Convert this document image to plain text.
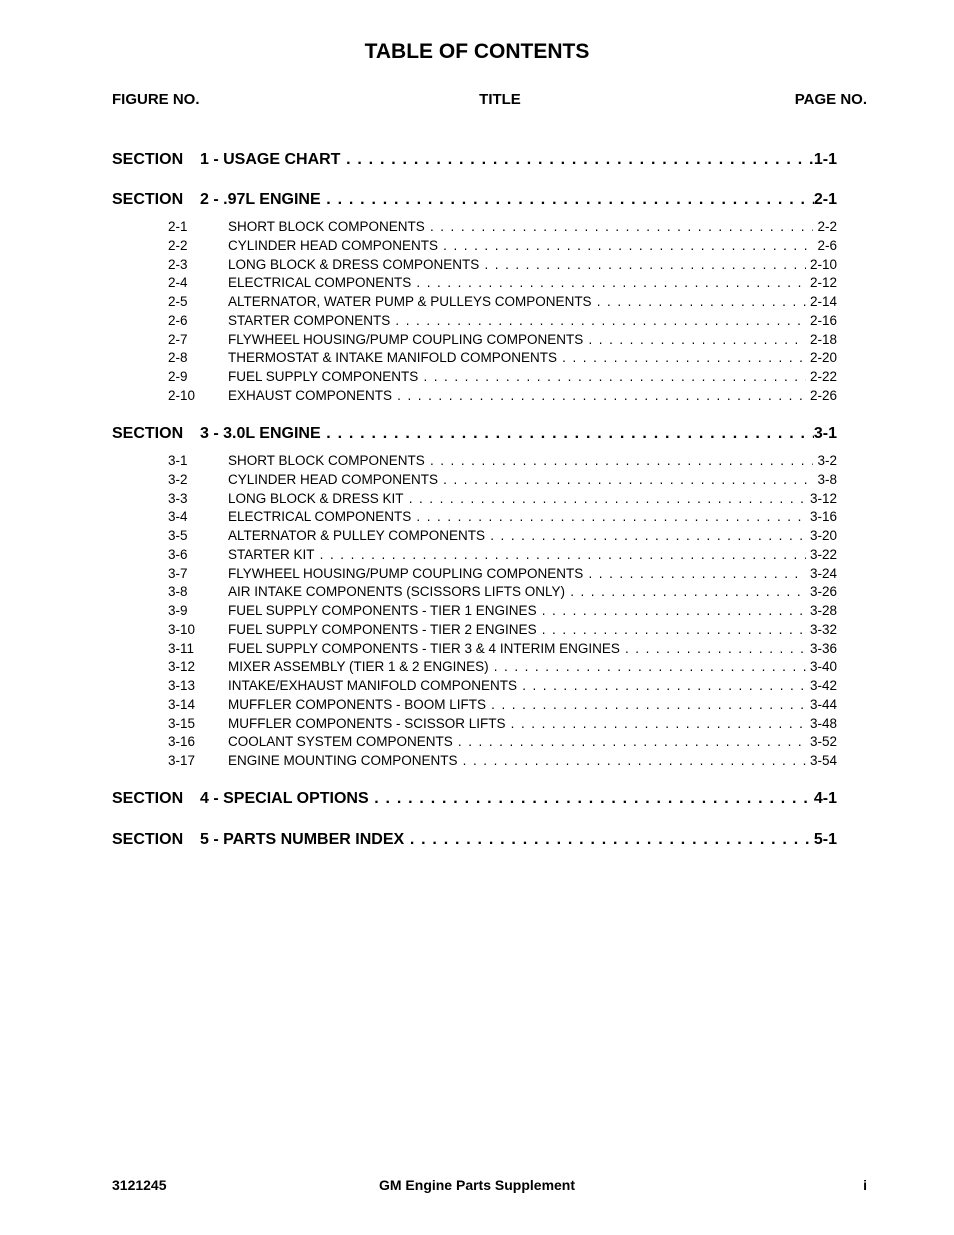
TABLE OF CONTENTS
FIGURE NO.	TITLE	PAGE NO.
SECTION	1 - USAGE CHART . . .	1-1
SECTION	2 - .97L ENGINE . . .	2-1
2-1	SHORT BLOCK COMPONENTS . . .	2-2
2-2	CYLINDER HEAD COMPONENTS . . .	2-6
2-3	LONG BLOCK & DRESS COMPONENTS . . .	2-10
2-4	ELECTRICAL COMPONENTS . . .	2-12
2-5	ALTERNATOR, WATER PUMP & PULLEYS COMPONENTS . . .	2-14
2-6	STARTER COMPONENTS . . .	2-16
2-7	FLYWHEEL HOUSING/PUMP COUPLING COMPONENTS . . .	2-18
2-8	THERMOSTAT & INTAKE MANIFOLD COMPONENTS . . .	2-20
2-9	FUEL SUPPLY COMPONENTS . . .	2-22
2-10	EXHAUST COMPONENTS . . .	2-26
SECTION	3 - 3.0L ENGINE . . .	3-1
3-1	SHORT BLOCK COMPONENTS . . .	3-2
3-2	CYLINDER HEAD COMPONENTS . . .	3-8
3-3	LONG BLOCK & DRESS KIT . . .	3-12
3-4	ELECTRICAL COMPONENTS . . .	3-16
3-5	ALTERNATOR & PULLEY COMPONENTS . . .	3-20
3-6	STARTER KIT . . .	3-22
3-7	FLYWHEEL HOUSING/PUMP COUPLING COMPONENTS . . .	3-24
3-8	AIR INTAKE COMPONENTS (SCISSORS LIFTS ONLY) . . .	3-26
3-9	FUEL SUPPLY COMPONENTS - TIER 1 ENGINES . . .	3-28
3-10	FUEL SUPPLY COMPONENTS - TIER 2 ENGINES . . .	3-32
3-11	FUEL SUPPLY COMPONENTS - TIER 3 & 4 INTERIM ENGINES . . .	3-36
3-12	MIXER ASSEMBLY (TIER 1 & 2 ENGINES) . . .	3-40
3-13	INTAKE/EXHAUST MANIFOLD COMPONENTS . . .	3-42
3-14	MUFFLER COMPONENTS - BOOM LIFTS . . .	3-44
3-15	MUFFLER COMPONENTS - SCISSOR LIFTS . . .	3-48
3-16	COOLANT SYSTEM COMPONENTS . . .	3-52
3-17	ENGINE MOUNTING COMPONENTS . . .	3-54
SECTION	4 - SPECIAL OPTIONS . . .	4-1
SECTION	5 - PARTS NUMBER INDEX . . .	5-1
3121245	GM Engine Parts Supplement	i
